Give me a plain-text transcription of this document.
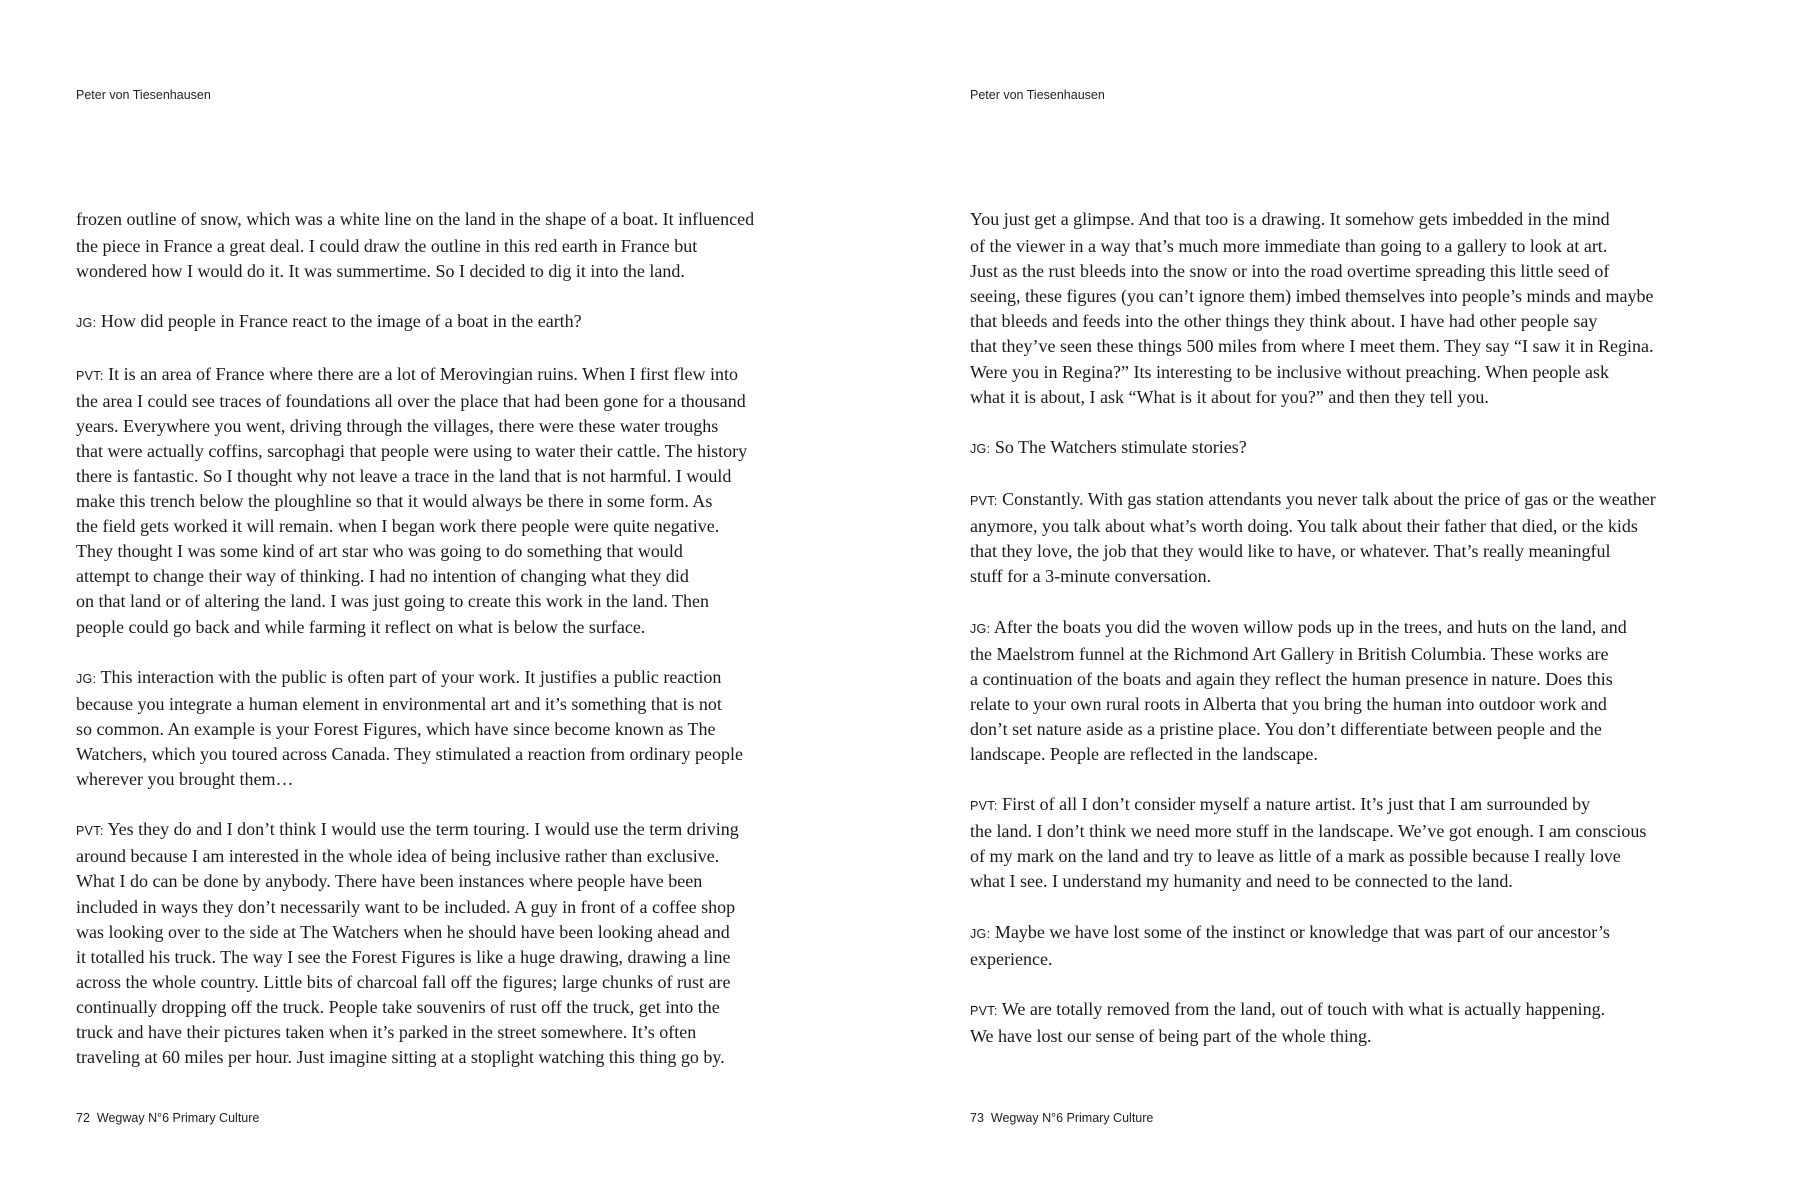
Peter von Tiesenhausen

frozen outline of snow, which was a white line on the land in the shape of a boat. It influenced
the piece in France a great deal. I could draw the outline in this red earth in France but
wondered how I would do it. It was summertime. So I decided to dig it into the land.

JG: How did people in France react to the image of a boat in the earth?

PVT: It is an area of France where there are a lot of Merovingian ruins. When I first flew into
the area I could see traces of foundations all over the place that had been gone for a thousand
years. Everywhere you went, driving through the villages, there were these water troughs
that were actually coffins, sarcophagi that people were using to water their cattle. The history
there is fantastic. So I thought why not leave a trace in the land that is not harmful. I would
make this trench below the ploughline so that it would always be there in some form. As
the field gets worked it will remain. when I began work there people were quite negative.
They thought I was some kind of art star who was going to do something that would
attempt to change their way of thinking. I had no intention of changing what they did
on that land or of altering the land. I was just going to create this work in the land. Then
people could go back and while farming it reflect on what is below the surface.

JG: This interaction with the public is often part of your work. It justifies a public reaction
because you integrate a human element in environmental art and it’s something that is not
so common. An example is your Forest Figures, which have since become known as The
Watchers, which you toured across Canada. They stimulated a reaction from ordinary people
wherever you brought them…

PVT: Yes they do and I don’t think I would use the term touring. I would use the term driving
around because I am interested in the whole idea of being inclusive rather than exclusive.
What I do can be done by anybody. There have been instances where people have been
included in ways they don’t necessarily want to be included. A guy in front of a coffee shop
was looking over to the side at The Watchers when he should have been looking ahead and
it totalled his truck. The way I see the Forest Figures is like a huge drawing, drawing a line
across the whole country. Little bits of charcoal fall off the figures; large chunks of rust are
continually dropping off the truck. People take souvenirs of rust off the truck, get into the
truck and have their pictures taken when it’s parked in the street somewhere. It’s often
traveling at 60 miles per hour. Just imagine sitting at a stoplight watching this thing go by.

72 Wegway N°6 Primary Culture
Peter von Tiesenhausen

You just get a glimpse. And that too is a drawing. It somehow gets imbedded in the mind
of the viewer in a way that’s much more immediate than going to a gallery to look at art.
Just as the rust bleeds into the snow or into the road overtime spreading this little seed of
seeing, these figures (you can’t ignore them) imbed themselves into people’s minds and maybe
that bleeds and feeds into the other things they think about. I have had other people say
that they’ve seen these things 500 miles from where I meet them. They say “I saw it in Regina.
Were you in Regina?” Its interesting to be inclusive without preaching. When people ask
what it is about, I ask “What is it about for you?” and then they tell you.

JG: So The Watchers stimulate stories?

PVT: Constantly. With gas station attendants you never talk about the price of gas or the weather
anymore, you talk about what’s worth doing. You talk about their father that died, or the kids
that they love, the job that they would like to have, or whatever. That’s really meaningful
stuff for a 3-minute conversation.

JG: After the boats you did the woven willow pods up in the trees, and huts on the land, and
the Maelstrom funnel at the Richmond Art Gallery in British Columbia. These works are
a continuation of the boats and again they reflect the human presence in nature. Does this
relate to your own rural roots in Alberta that you bring the human into outdoor work and
don’t set nature aside as a pristine place. You don’t differentiate between people and the
landscape. People are reflected in the landscape.

PVT: First of all I don’t consider myself a nature artist. It’s just that I am surrounded by
the land. I don’t think we need more stuff in the landscape. We’ve got enough. I am conscious
of my mark on the land and try to leave as little of a mark as possible because I really love
what I see. I understand my humanity and need to be connected to the land.

JG: Maybe we have lost some of the instinct or knowledge that was part of our ancestor’s
experience.

PVT: We are totally removed from the land, out of touch with what is actually happening.
We have lost our sense of being part of the whole thing.

73 Wegway N°6 Primary Culture
